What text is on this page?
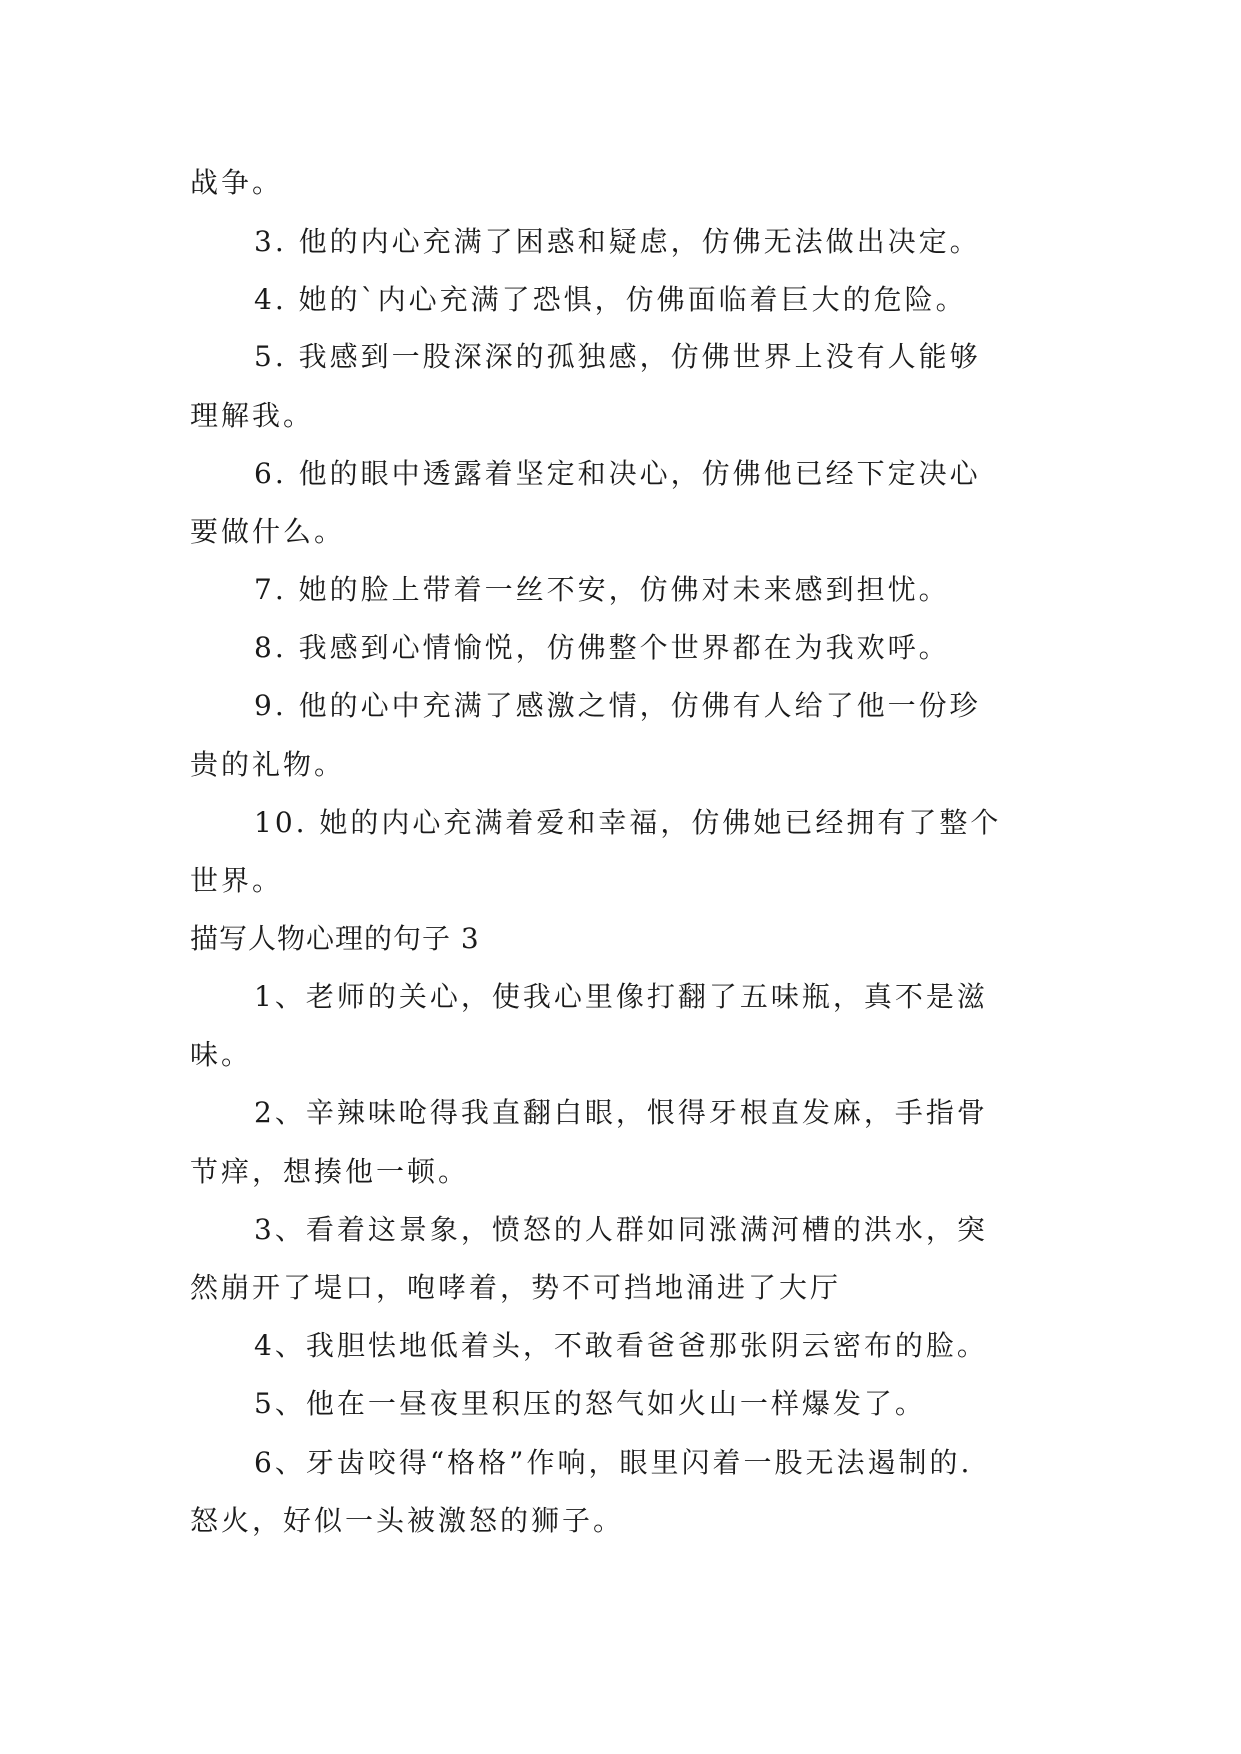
战争。
3. 他的内心充满了困惑和疑虑，仿佛无法做出决定。
4. 她的`内心充满了恐惧，仿佛面临着巨大的危险。
5. 我感到一股深深的孤独感，仿佛世界上没有人能够
理解我。
6. 他的眼中透露着坚定和决心，仿佛他已经下定决心
要做什么。
7. 她的脸上带着一丝不安，仿佛对未来感到担忧。
8. 我感到心情愉悦，仿佛整个世界都在为我欢呼。
9. 他的心中充满了感激之情，仿佛有人给了他一份珍
贵的礼物。
10. 她的内心充满着爱和幸福，仿佛她已经拥有了整个
世界。
描写人物心理的句子 3
1、老师的关心，使我心里像打翻了五味瓶，真不是滋
味。
2、辛辣味呛得我直翻白眼，恨得牙根直发麻，手指骨
节痒，想揍他一顿。
3、看着这景象，愤怒的人群如同涨满河槽的洪水，突
然崩开了堤口，咆哮着，势不可挡地涌进了大厅
4、我胆怯地低着头，不敢看爸爸那张阴云密布的脸。
5、他在一昼夜里积压的怒气如火山一样爆发了。
6、牙齿咬得“格格”作响，眼里闪着一股无法遏制的.
怒火，好似一头被激怒的狮子。
